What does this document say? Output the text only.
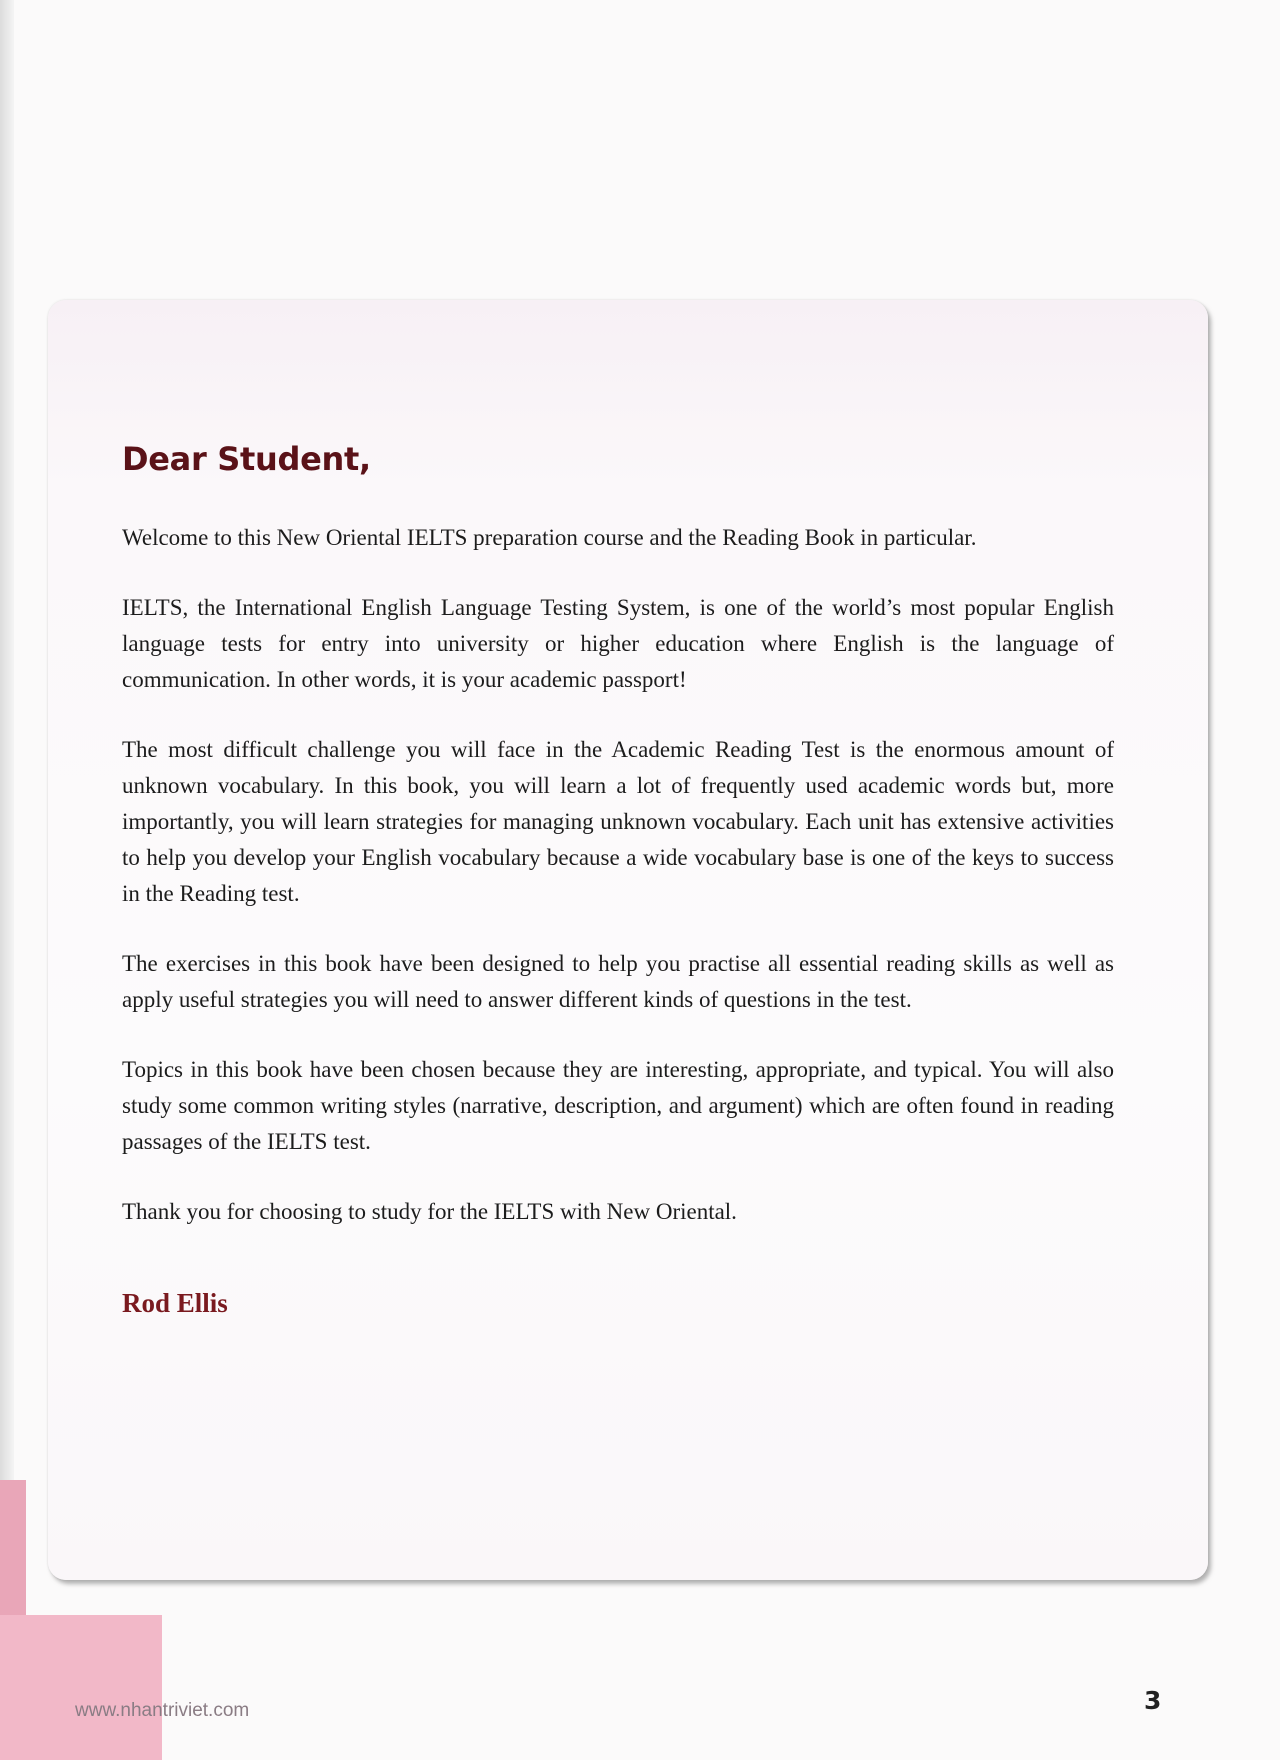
Dear Student,

Welcome to this New Oriental IELTS preparation course and the Reading Book in particular.

IELTS, the International English Language Testing System, is one of the world’s most popular English language tests for entry into university or higher education where English is the language of communication. In other words, it is your academic passport!

The most difficult challenge you will face in the Academic Reading Test is the enormous amount of unknown vocabulary. In this book, you will learn a lot of frequently used academic words but, more importantly, you will learn strategies for managing unknown vocabulary. Each unit has extensive activities to help you develop your English vocabulary because a wide vocabulary base is one of the keys to success in the Reading test.

The exercises in this book have been designed to help you practise all essential reading skills as well as apply useful strategies you will need to answer different kinds of questions in the test.

Topics in this book have been chosen because they are interesting, appropriate, and typical. You will also study some common writing styles (narrative, description, and argument) which are often found in reading passages of the IELTS test.

Thank you for choosing to study for the IELTS with New Oriental.

Rod Ellis
www.nhantriviet.com	3
